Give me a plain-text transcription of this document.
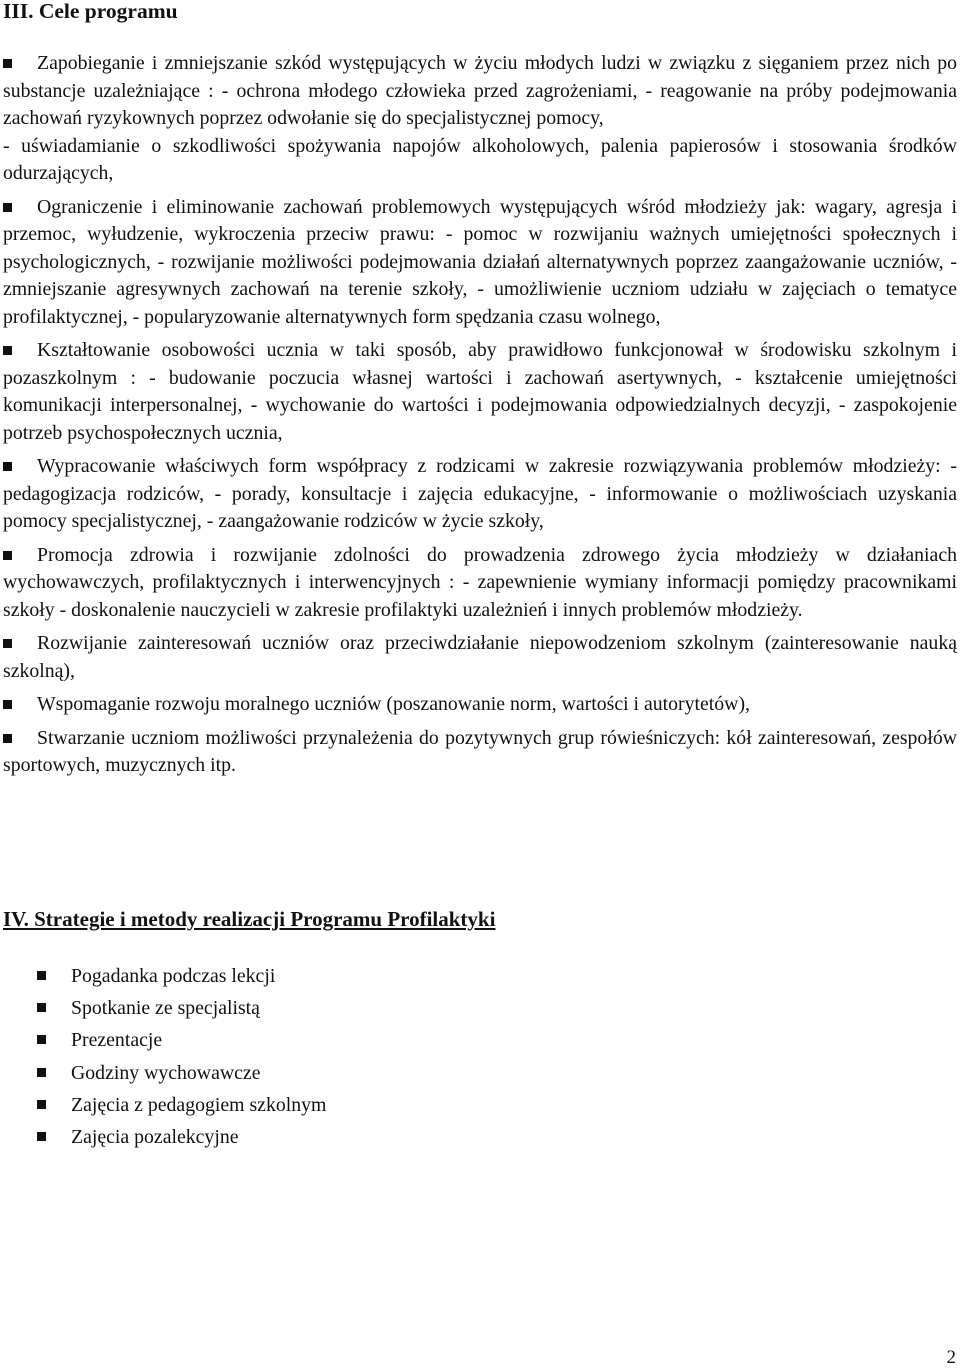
III. Cele programu
Zapobieganie i zmniejszanie szkód występujących w życiu młodych ludzi w związku z sięganiem przez nich po substancje uzależniające : - ochrona młodego człowieka przed zagrożeniami, - reagowanie na próby podejmowania zachowań ryzykownych poprzez odwołanie się do specjalistycznej pomocy,
- uświadamianie o szkodliwości spożywania napojów alkoholowych, palenia papierosów i stosowania środków odurzających,
Ograniczenie i eliminowanie zachowań problemowych występujących wśród młodzieży jak: wagary, agresja i przemoc, wyłudzenie, wykroczenia przeciw prawu: - pomoc w rozwijaniu ważnych umiejętności społecznych i psychologicznych, - rozwijanie możliwości podejmowania działań alternatywnych poprzez zaangażowanie uczniów, - zmniejszanie agresywnych zachowań na terenie szkoły, - umożliwienie uczniom udziału w zajęciach o tematyce profilaktycznej, - popularyzowanie alternatywnych form spędzania czasu wolnego,
Kształtowanie osobowości ucznia w taki sposób, aby prawidłowo funkcjonował w środowisku szkolnym i pozaszkolnym : - budowanie poczucia własnej wartości i zachowań asertywnych, - kształcenie umiejętności komunikacji interpersonalnej, - wychowanie do wartości i podejmowania odpowiedzialnych decyzji, - zaspokojenie potrzeb psychospołecznych ucznia,
Wypracowanie właściwych form współpracy z rodzicami w zakresie rozwiązywania problemów młodzieży: - pedagogizacja rodziców, - porady, konsultacje i zajęcia edukacyjne, - informowanie o możliwościach uzyskania pomocy specjalistycznej, - zaangażowanie rodziców w życie szkoły,
Promocja zdrowia i rozwijanie zdolności do prowadzenia zdrowego życia młodzieży w działaniach wychowawczych, profilaktycznych i interwencyjnych : - zapewnienie wymiany informacji pomiędzy pracownikami szkoły - doskonalenie nauczycieli w zakresie profilaktyki uzależnień i innych problemów młodzieży.
Rozwijanie zainteresowań uczniów oraz przeciwdziałanie niepowodzeniom szkolnym (zainteresowanie nauką szkolną),
Wspomaganie rozwoju moralnego uczniów (poszanowanie norm, wartości i autorytetów),
Stwarzanie uczniom możliwości przynależenia do pozytywnych grup rówieśniczych: kół zainteresowań, zespołów sportowych, muzycznych itp.
IV. Strategie i metody realizacji Programu Profilaktyki
Pogadanka podczas lekcji
Spotkanie ze specjalistą
Prezentacje
Godziny wychowawcze
Zajęcia z pedagogiem szkolnym
Zajęcia pozalekcyjne
2
